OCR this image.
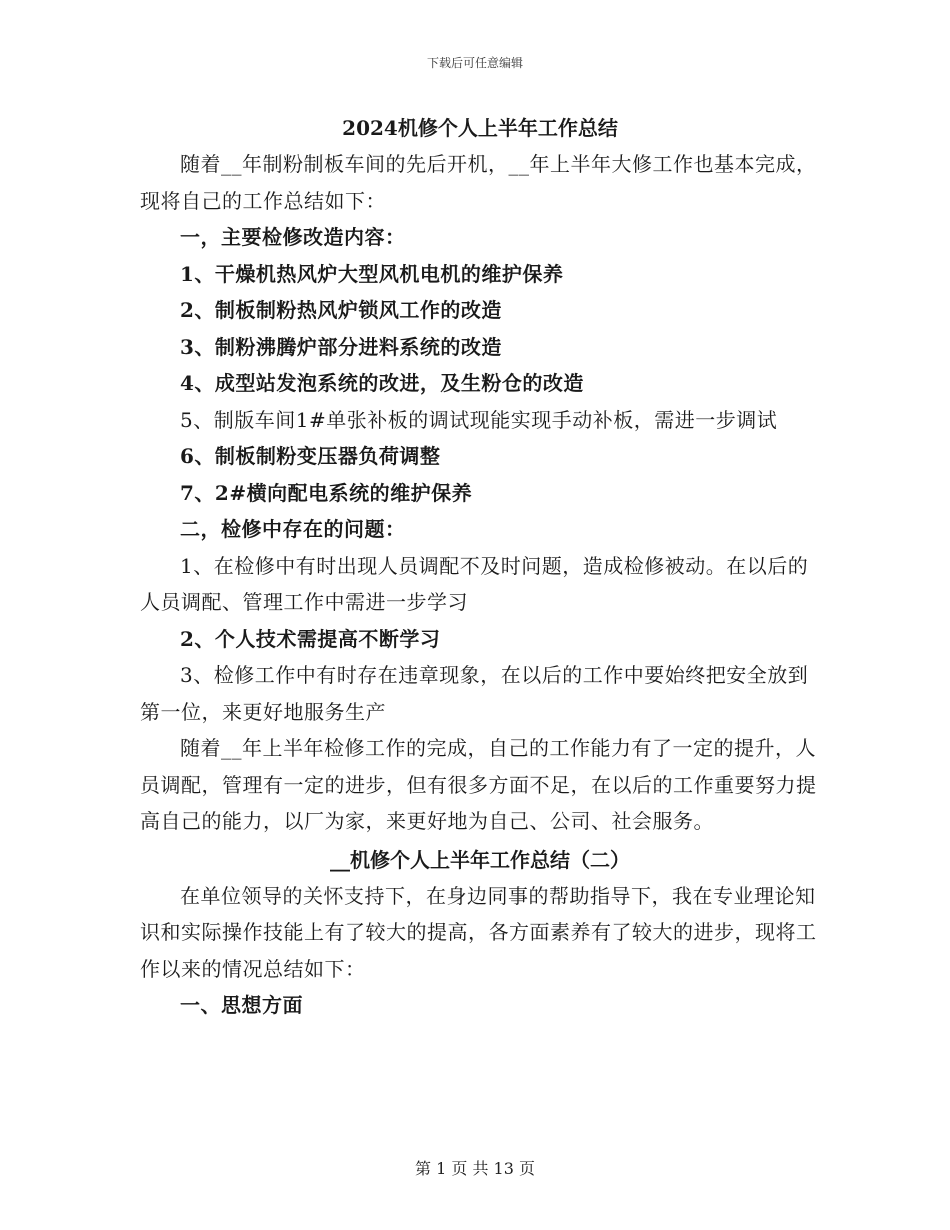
下载后可任意编辑
2024机修个人上半年工作总结

随着__年制粉制板车间的先后开机，__年上半年大修工作也基本完成，现将自己的工作总结如下：

一，主要检修改造内容：

1、干燥机热风炉大型风机电机的维护保养

2、制板制粉热风炉锁风工作的改造

3、制粉沸腾炉部分进料系统的改造

4、成型站发泡系统的改进，及生粉仓的改造

5、制版车间1#单张补板的调试现能实现手动补板，需进一步调试

6、制板制粉变压器负荷调整

7、2#横向配电系统的维护保养

二，检修中存在的问题：

1、在检修中有时出现人员调配不及时问题，造成检修被动。在以后的人员调配、管理工作中需进一步学习

2、个人技术需提高不断学习

3、检修工作中有时存在违章现象，在以后的工作中要始终把安全放到第一位，来更好地服务生产

随着__年上半年检修工作的完成，自己的工作能力有了一定的提升，人员调配，管理有一定的进步，但有很多方面不足，在以后的工作重要努力提高自己的能力，以厂为家，来更好地为自己、公司、社会服务。

__机修个人上半年工作总结（二）

在单位领导的关怀支持下，在身边同事的帮助指导下，我在专业理论知识和实际操作技能上有了较大的提高，各方面素养有了较大的进步，现将工作以来的情况总结如下：

一、思想方面

第 1 页 共 13 页
